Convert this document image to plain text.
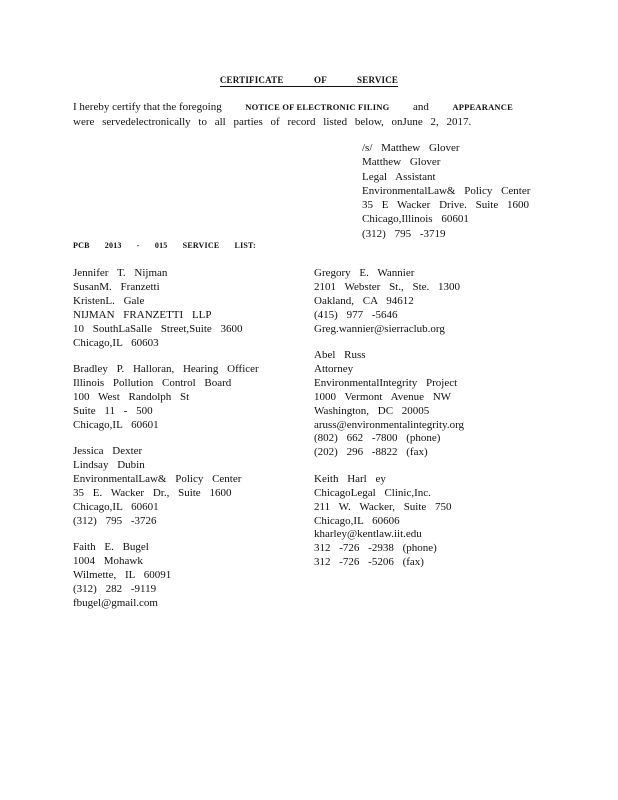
CERTIFICATE OF SERVICE

I hereby certify that the foregoing	NOTICE OF ELECTRONIC FILING and	APPEARANCE

were servedelectronically to all parties of record listed below, onJune 2, 2017.

/s/ Matthew Glover
Matthew Glover
Legal Assistant
EnvironmentalLaw& Policy Center
35 E Wacker Drive. Suite 1600
Chicago,Illinois 60601
(312) 795 -3719
PCB 2013 - 015 SERVICE LIST:
Jennifer T. Nijman
SusanM. Franzetti
KristenL. Gale
NIJMAN FRANZETTI LLP
10 SouthLaSalle Street,Suite 3600
Chicago,IL 60603
Bradley P. Halloran, Hearing Officer
Illinois Pollution Control Board
100 West Randolph St
Suite 11 - 500
Chicago,IL 60601
Jessica Dexter
Lindsay Dubin
EnvironmentalLaw& Policy Center
35 E. Wacker Dr., Suite 1600
Chicago,IL 60601
(312) 795 -3726
Faith E. Bugel
1004 Mohawk
Wilmette, IL 60091
(312) 282 -9119
fbugel@gmail.com
Gregory E. Wannier
2101 Webster St., Ste. 1300
Oakland, CA 94612
(415) 977 -5646
Greg.wannier@sierraclub.org
Abel Russ
Attorney
EnvironmentalIntegrity Project
1000 Vermont Avenue NW
Washington, DC 20005
aruss@environmentalintegrity.org
(802) 662 -7800 (phone)
(202) 296 -8822 (fax)
Keith Harl ey
ChicagoLegal Clinic,Inc.
211 W. Wacker, Suite 750
Chicago,IL 60606
kharley@kentlaw.iit.edu
312 -726 -2938 (phone)
312 -726 -5206 (fax)
